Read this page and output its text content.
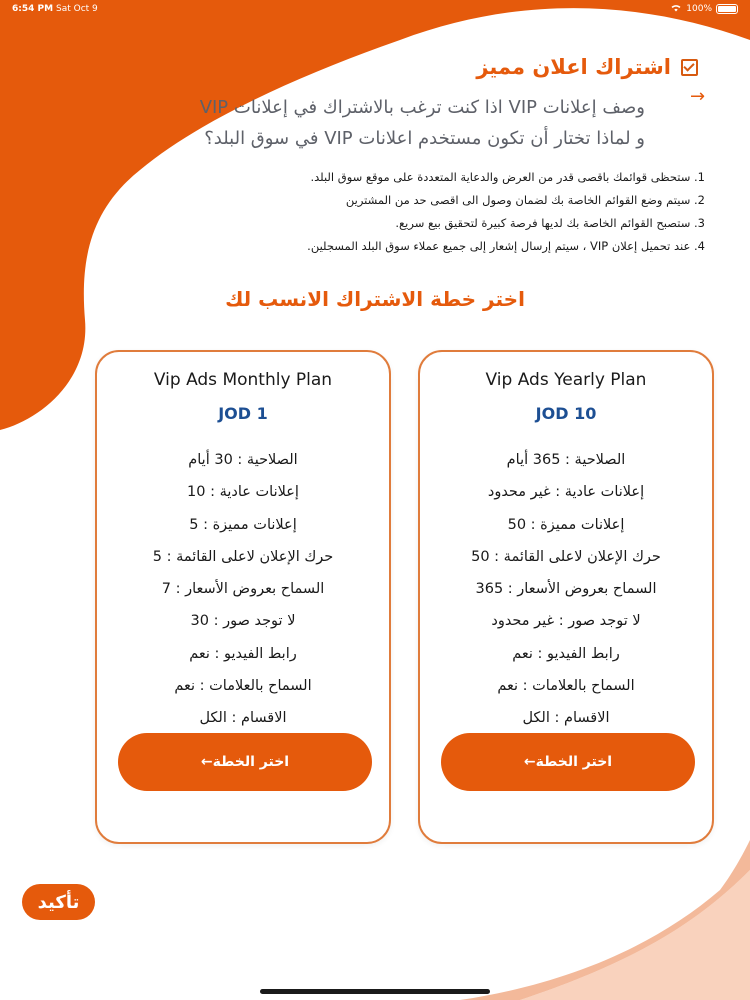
6:54 PM Sat Oct 9	100%
اشتراك اعلان مميز
→
وصف إعلانات VIP اذا كنت ترغب بالاشتراك في إعلانات VIP
و لماذا تختار أن تكون مستخدم اعلانات VIP في سوق البلد؟
1. ستحظى قوائمك باقصى قدر من العرض والدعاية المتعددة على موقع سوق البلد.
2. سيتم وضع القوائم الخاصة بك لضمان وصول الى اقصى حد من المشترين
3. ستصبح القوائم الخاصة بك لديها فرصة كبيرة لتحقيق بيع سريع.
4. عند تحميل إعلان VIP ، سيتم إرسال إشعار إلى جميع عملاء سوق البلد المسجلين.
اختر خطة الاشتراك الانسب لك
Vip Ads Yearly Plan
JOD 10
الصلاحية : 365 أيام
إعلانات عادية : غير محدود
إعلانات مميزة : 50
حرك الإعلان لاعلى القائمة : 50
السماح بعروض الأسعار : 365
لا توجد صور : غير محدود
رابط الفيديو : نعم
السماح بالعلامات : نعم
الاقسام : الكل
اختر الخطة←
Vip Ads Monthly Plan
JOD 1
الصلاحية : 30 أيام
إعلانات عادية : 10
إعلانات مميزة : 5
حرك الإعلان لاعلى القائمة : 5
السماح بعروض الأسعار : 7
لا توجد صور : 30
رابط الفيديو : نعم
السماح بالعلامات : نعم
الاقسام : الكل
اختر الخطة←
تأكيد
